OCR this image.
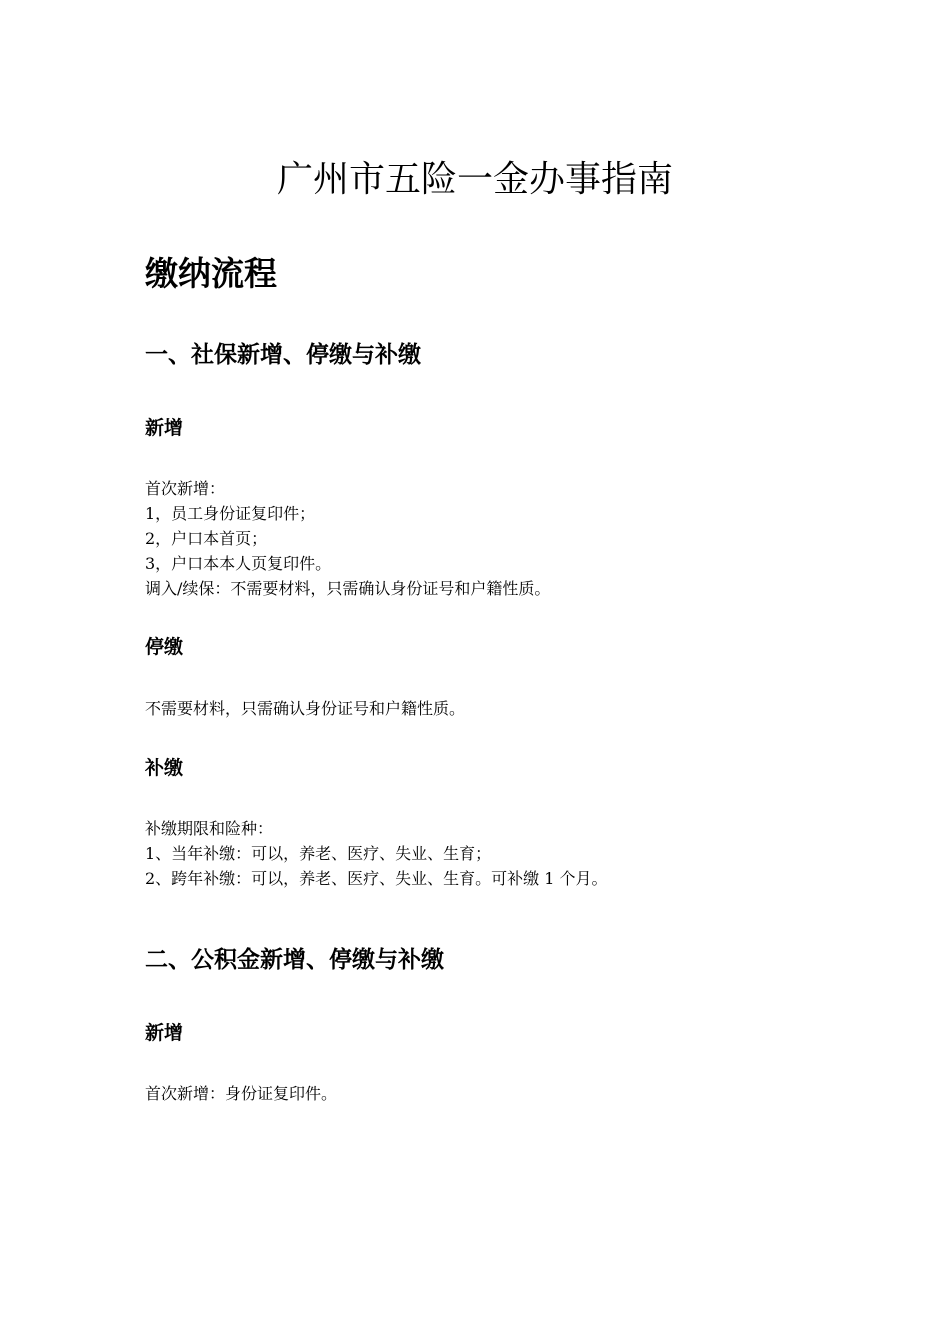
广州市五险一金办事指南
缴纳流程
一、社保新增、停缴与补缴
新增
首次新增：
1，员工身份证复印件；
2，户口本首页；
3，户口本本人页复印件。
调入/续保：不需要材料，只需确认身份证号和户籍性质。
停缴
不需要材料，只需确认身份证号和户籍性质。
补缴
补缴期限和险种：
1、当年补缴：可以，养老、医疗、失业、生育；
2、跨年补缴：可以，养老、医疗、失业、生育。可补缴 1 个月。
二、公积金新增、停缴与补缴
新增
首次新增：身份证复印件。
